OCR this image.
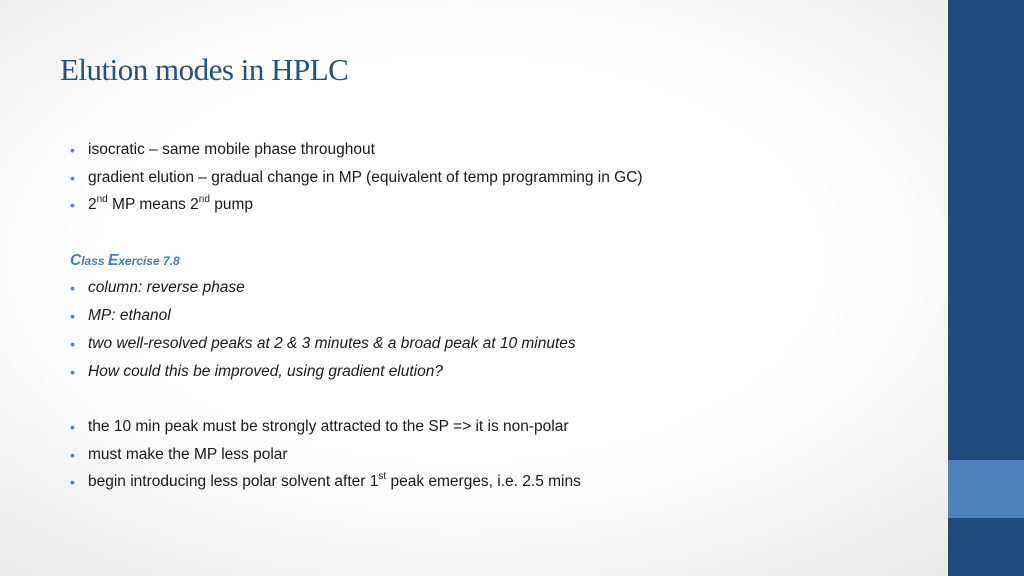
Elution modes in HPLC
• isocratic – same mobile phase throughout
• gradient elution – gradual change in MP (equivalent of temp programming in GC)
• 2nd MP means 2nd pump
Class Exercise 7.8
• column: reverse phase
• MP: ethanol
• two well-resolved peaks at 2 & 3 minutes & a broad peak at 10 minutes
• How could this be improved, using gradient elution?
• the 10 min peak must be strongly attracted to the SP => it is non-polar
• must make the MP less polar
• begin introducing less polar solvent after 1st peak emerges, i.e. 2.5 mins
